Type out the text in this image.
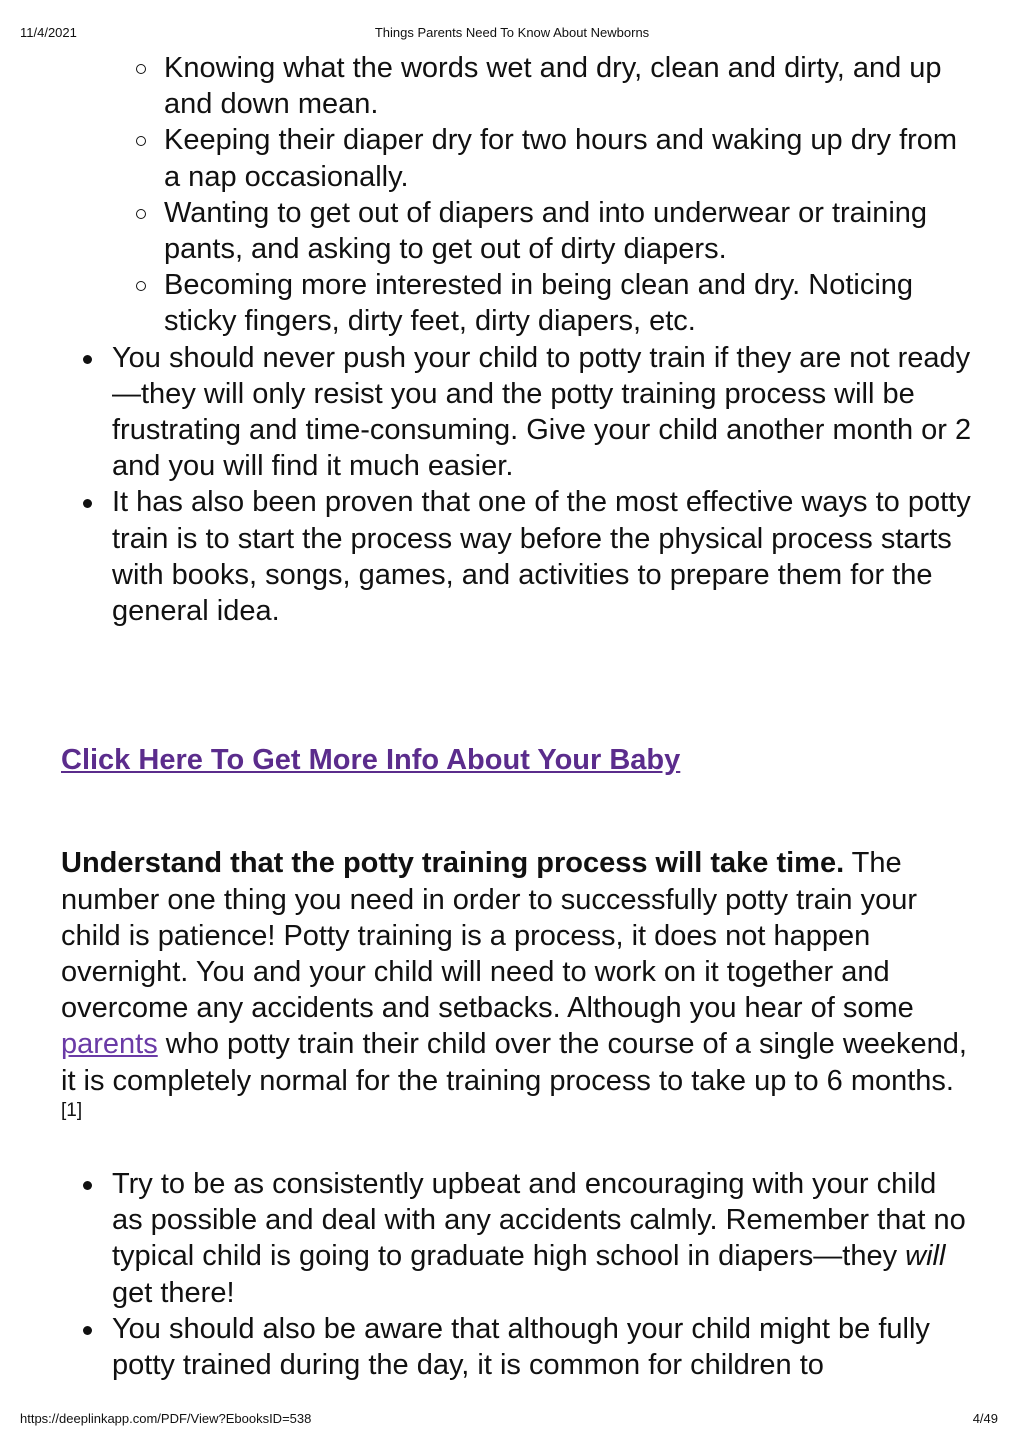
11/4/2021	Things Parents Need To Know About Newborns
Knowing what the words wet and dry, clean and dirty, and up and down mean.
Keeping their diaper dry for two hours and waking up dry from a nap occasionally.
Wanting to get out of diapers and into underwear or training pants, and asking to get out of dirty diapers.
Becoming more interested in being clean and dry. Noticing sticky fingers, dirty feet, dirty diapers, etc.
You should never push your child to potty train if they are not ready—they will only resist you and the potty training process will be frustrating and time-consuming. Give your child another month or 2 and you will find it much easier.
It has also been proven that one of the most effective ways to potty train is to start the process way before the physical process starts with books, songs, games, and activities to prepare them for the general idea.
Click Here To Get More Info About Your Baby
Understand that the potty training process will take time. The number one thing you need in order to successfully potty train your child is patience! Potty training is a process, it does not happen overnight. You and your child will need to work on it together and overcome any accidents and setbacks. Although you hear of some parents who potty train their child over the course of a single weekend, it is completely normal for the training process to take up to 6 months.[1]
Try to be as consistently upbeat and encouraging with your child as possible and deal with any accidents calmly. Remember that no typical child is going to graduate high school in diapers—they will get there!
You should also be aware that although your child might be fully potty trained during the day, it is common for children to
https://deeplinkapp.com/PDF/View?EbooksID=538	4/49
